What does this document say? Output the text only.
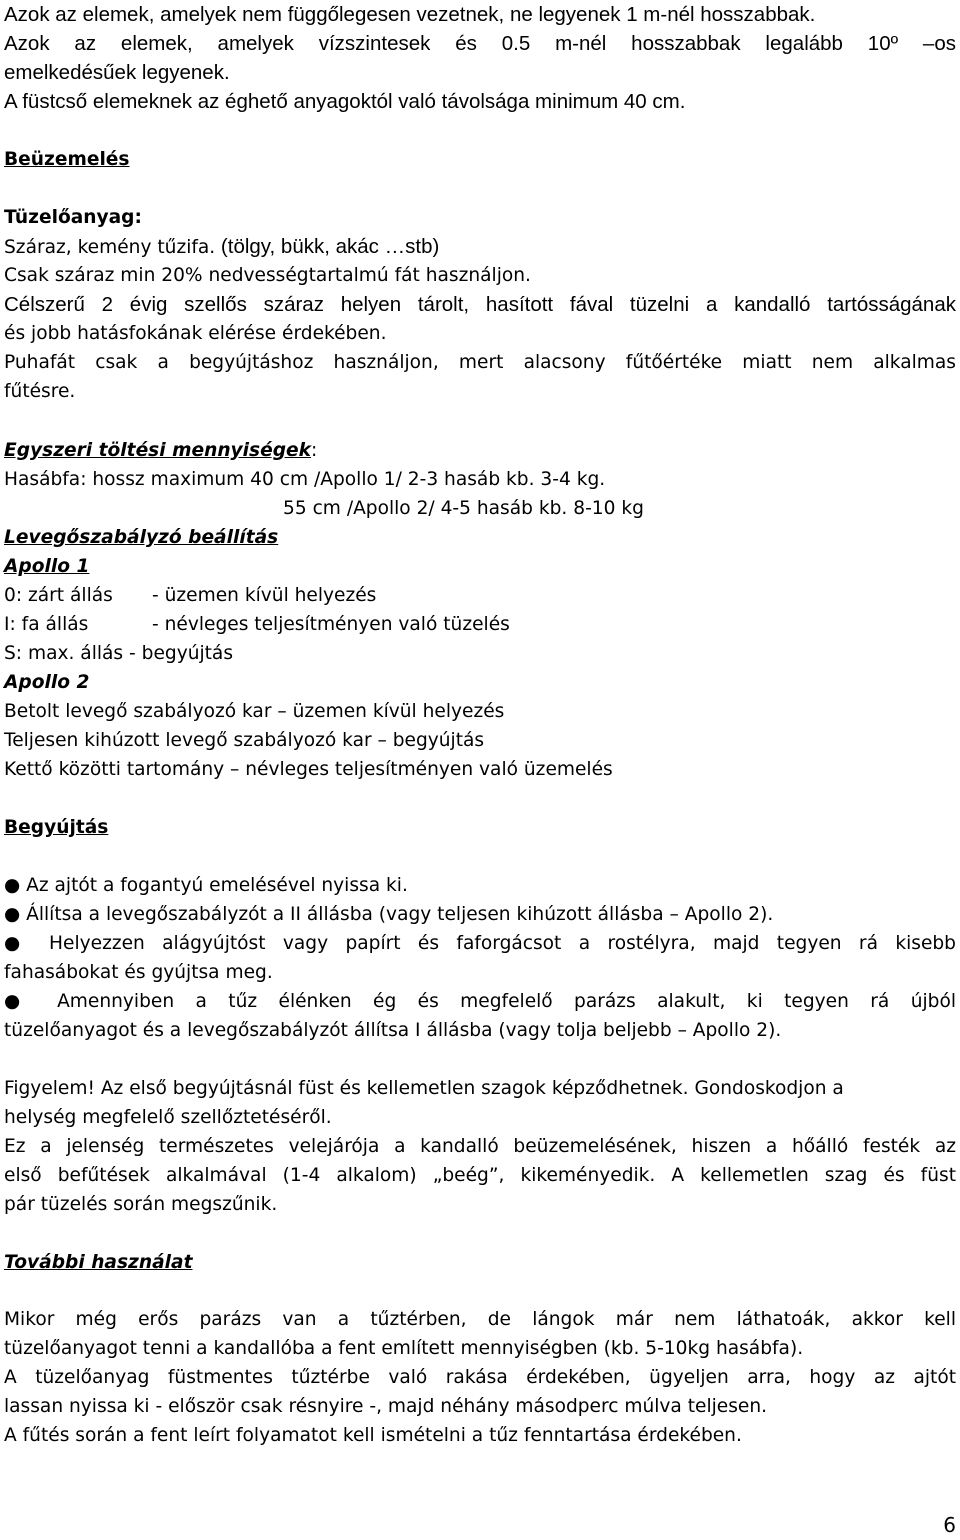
Azok az elemek, amelyek nem függőlegesen vezetnek, ne legyenek 1 m-nél hosszabbak.
Azok az elemek, amelyek vízszintesek és 0.5 m-nél hosszabbak legalább 10º –os
emelkedésűek legyenek.
A füstcső elemeknek az éghető anyagoktól való távolsága minimum 40 cm.
Beüzemelés
Tüzelőanyag:
Száraz, kemény tűzifa. (tölgy, bükk, akác …stb)
Csak száraz min 20% nedvességtartalmú fát használjon.
Célszerű 2 évig szellős száraz helyen tárolt, hasított fával tüzelni a kandalló tartósságának
és jobb hatásfokának elérése érdekében.
Puhafát csak a begyújtáshoz használjon, mert alacsony fűtőértéke miatt nem alkalmas
fűtésre.
Egyszeri töltési mennyiségek:
Hasábfa: hossz maximum 40 cm /Apollo 1/ 2-3 hasáb kb. 3-4 kg.
55 cm /Apollo 2/ 4-5 hasáb kb. 8-10 kg
Levegőszabályzó beállítás
Apollo 1
0: zárt állás - üzemen kívül helyezés
I: fa állás	- névleges teljesítményen való tüzelés
S: max. állás - begyújtás
Apollo 2
Betolt levegő szabályozó kar – üzemen kívül helyezés
Teljesen kihúzott levegő szabályozó kar – begyújtás
Kettő közötti tartomány – névleges teljesítményen való üzemelés
Begyújtás
● Az ajtót a fogantyú emelésével nyissa ki.
● Állítsa a levegőszabályzót a II állásba (vagy teljesen kihúzott állásba – Apollo 2).
● Helyezzen alágyújtóst vagy papírt és faforgácsot a rostélyra, majd tegyen rá kisebb
fahasábokat és gyújtsa meg.
● Amennyiben a tűz élénken ég és megfelelő parázs alakult, ki tegyen rá újból
tüzelőanyagot és a levegőszabályzót állítsa I állásba (vagy tolja beljebb – Apollo 2).
Figyelem! Az első begyújtásnál füst és kellemetlen szagok képződhetnek. Gondoskodjon a
helység megfelelő szellőztetéséről.
Ez a jelenség természetes velejárója a kandalló beüzemelésének, hiszen a hőálló festék az
első befűtések alkalmával (1-4 alkalom) „beég”, kikeményedik. A kellemetlen szag és füst
pár tüzelés során megszűnik.
További használat
Mikor még erős parázs van a tűztérben, de lángok már nem láthatoák, akkor kell
tüzelőanyagot tenni a kandallóba a fent említett mennyiségben (kb. 5-10kg hasábfa).
A tüzelőanyag füstmentes tűztérbe való rakása érdekében, ügyeljen arra, hogy az ajtót
lassan nyissa ki - először csak résnyire -, majd néhány másodperc múlva teljesen.
A fűtés során a fent leírt folyamatot kell ismételni a tűz fenntartása érdekében.
6
